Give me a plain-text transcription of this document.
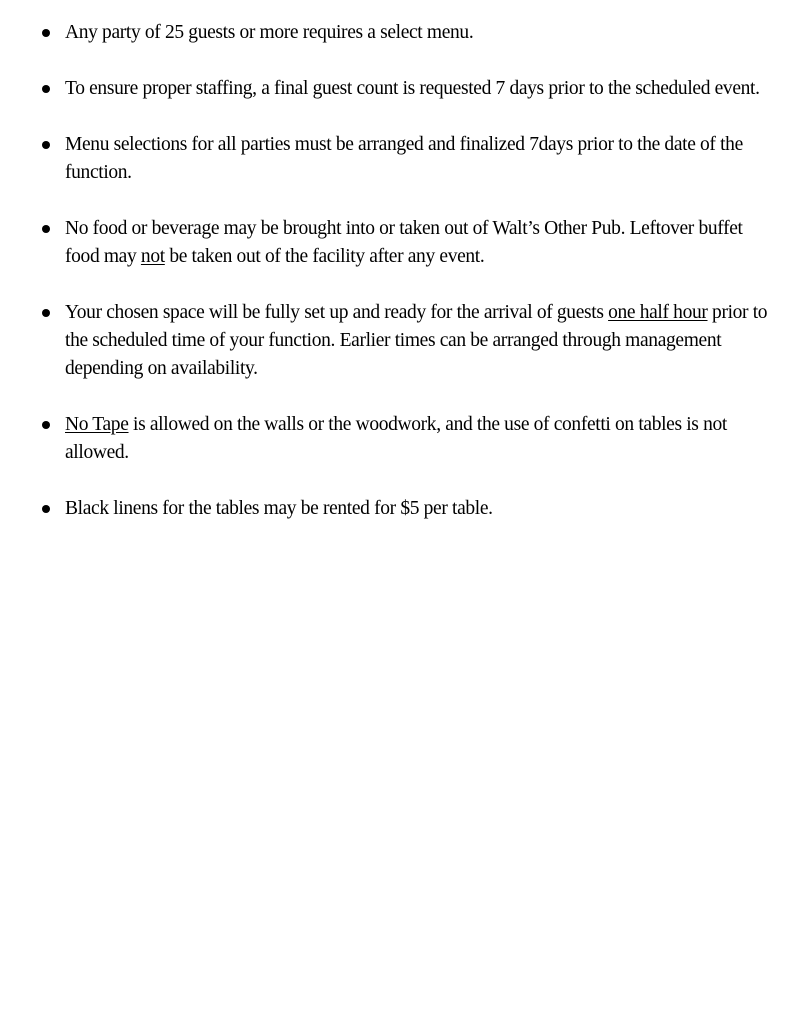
Any party of 25 guests or more requires a select menu.
To ensure proper staffing, a final guest count is requested 7 days prior to the scheduled event.
Menu selections for all parties must be arranged and finalized 7days prior to the date of the function.
No food or beverage may be brought into or taken out of Walt’s Other Pub. Leftover buffet food may not be taken out of the facility after any event.
Your chosen space will be fully set up and ready for the arrival of guests one half hour prior to the scheduled time of your function. Earlier times can be arranged through management depending on availability.
No Tape is allowed on the walls or the woodwork, and the use of confetti on tables is not allowed.
Black linens for the tables may be rented for $5 per table.
